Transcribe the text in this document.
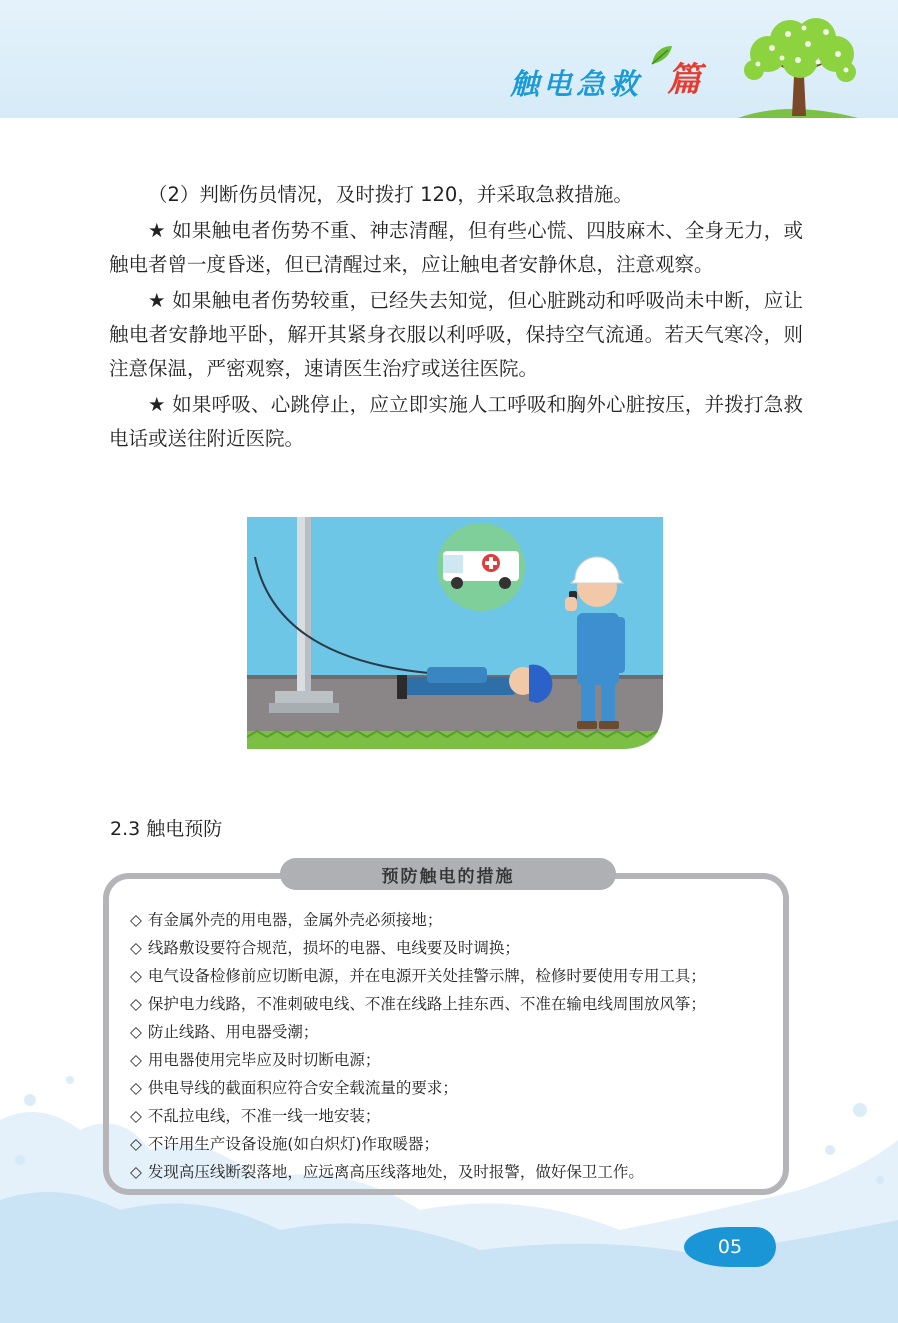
触电急救 篇

（2）判断伤员情况，及时拨打 120，并采取急救措施。

★ 如果触电者伤势不重、神志清醒，但有些心慌、四肢麻木、全身无力，或触电者曾一度昏迷，但已清醒过来，应让触电者安静休息，注意观察。

★ 如果触电者伤势较重，已经失去知觉，但心脏跳动和呼吸尚未中断，应让触电者安静地平卧，解开其紧身衣服以利呼吸，保持空气流通。若天气寒冷，则注意保温，严密观察，速请医生治疗或送往医院。

★ 如果呼吸、心跳停止，应立即实施人工呼吸和胸外心脏按压，并拨打急救电话或送往附近医院。

2.3 触电预防
预防触电的措施
◇ 有金属外壳的用电器，金属外壳必须接地；
◇ 线路敷设要符合规范，损坏的电器、电线要及时调换；
◇ 电气设备检修前应切断电源，并在电源开关处挂警示牌，检修时要使用专用工具；
◇ 保护电力线路，不准刺破电线、不准在线路上挂东西、不准在输电线周围放风筝；
◇ 防止线路、用电器受潮；
◇ 用电器使用完毕应及时切断电源；
◇ 供电导线的截面积应符合安全载流量的要求；
◇ 不乱拉电线，不准一线一地安装；
◇ 不许用生产设备设施(如白炽灯)作取暖器；
◇ 发现高压线断裂落地，应远离高压线落地处，及时报警，做好保卫工作。
05
